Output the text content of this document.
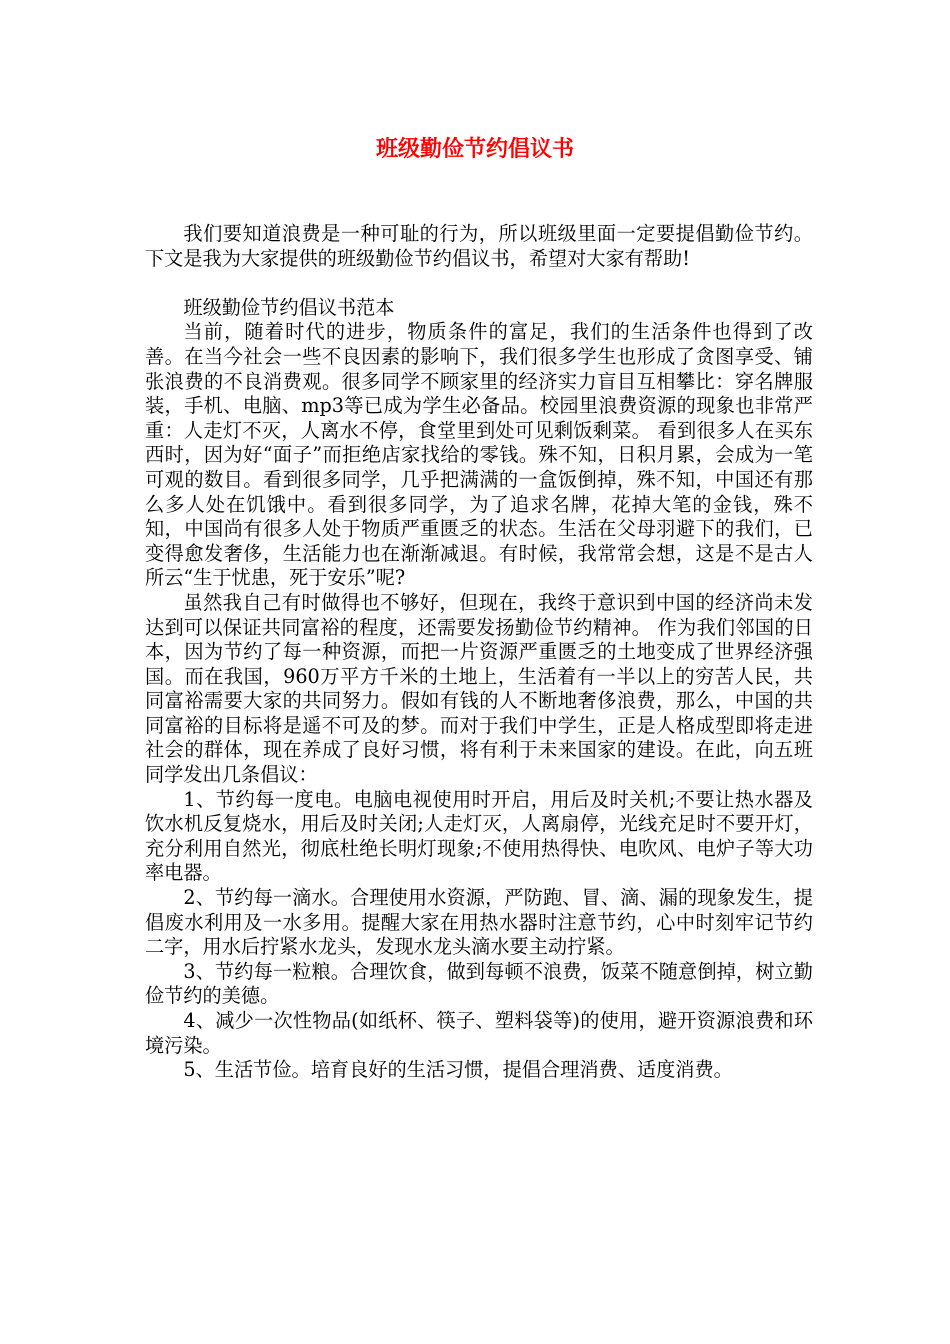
班级勤俭节约倡议书

我们要知道浪费是一种可耻的行为，所以班级里面一定要提倡勤俭节约。下文是我为大家提供的班级勤俭节约倡议书，希望对大家有帮助!

班级勤俭节约倡议书范本

当前，随着时代的进步，物质条件的富足，我们的生活条件也得到了改善。在当今社会一些不良因素的影响下，我们很多学生也形成了贪图享受、铺张浪费的不良消费观。很多同学不顾家里的经济实力盲目互相攀比：穿名牌服装，手机、电脑、mp3等已成为学生必备品。校园里浪费资源的现象也非常严重：人走灯不灭，人离水不停，食堂里到处可见剩饭剩菜。 看到很多人在买东西时，因为好“面子”而拒绝店家找给的零钱。殊不知，日积月累，会成为一笔可观的数目。看到很多同学，几乎把满满的一盒饭倒掉，殊不知，中国还有那么多人处在饥饿中。看到很多同学，为了追求名牌，花掉大笔的金钱，殊不知，中国尚有很多人处于物质严重匮乏的状态。生活在父母羽避下的我们，已变得愈发奢侈，生活能力也在渐渐减退。有时候，我常常会想，这是不是古人所云“生于忧患，死于安乐”呢?

虽然我自己有时做得也不够好，但现在，我终于意识到中国的经济尚未发达到可以保证共同富裕的程度，还需要发扬勤俭节约精神。 作为我们邻国的日本，因为节约了每一种资源，而把一片资源严重匮乏的土地变成了世界经济强国。而在我国，960万平方千米的土地上，生活着有一半以上的穷苦人民，共同富裕需要大家的共同努力。假如有钱的人不断地奢侈浪费，那么，中国的共同富裕的目标将是遥不可及的梦。而对于我们中学生，正是人格成型即将走进社会的群体，现在养成了良好习惯，将有利于未来国家的建设。在此，向五班同学发出几条倡议：

1、节约每一度电。电脑电视使用时开启，用后及时关机;不要让热水器及饮水机反复烧水，用后及时关闭;人走灯灭，人离扇停，光线充足时不要开灯，充分利用自然光，彻底杜绝长明灯现象;不使用热得快、电吹风、电炉子等大功率电器。

2、节约每一滴水。合理使用水资源，严防跑、冒、滴、漏的现象发生，提倡废水利用及一水多用。提醒大家在用热水器时注意节约，心中时刻牢记节约二字，用水后拧紧水龙头，发现水龙头滴水要主动拧紧。

3、节约每一粒粮。合理饮食，做到每顿不浪费，饭菜不随意倒掉，树立勤俭节约的美德。

4、减少一次性物品(如纸杯、筷子、塑料袋等)的使用，避开资源浪费和环境污染。

5、生活节俭。培育良好的生活习惯，提倡合理消费、适度消费。
